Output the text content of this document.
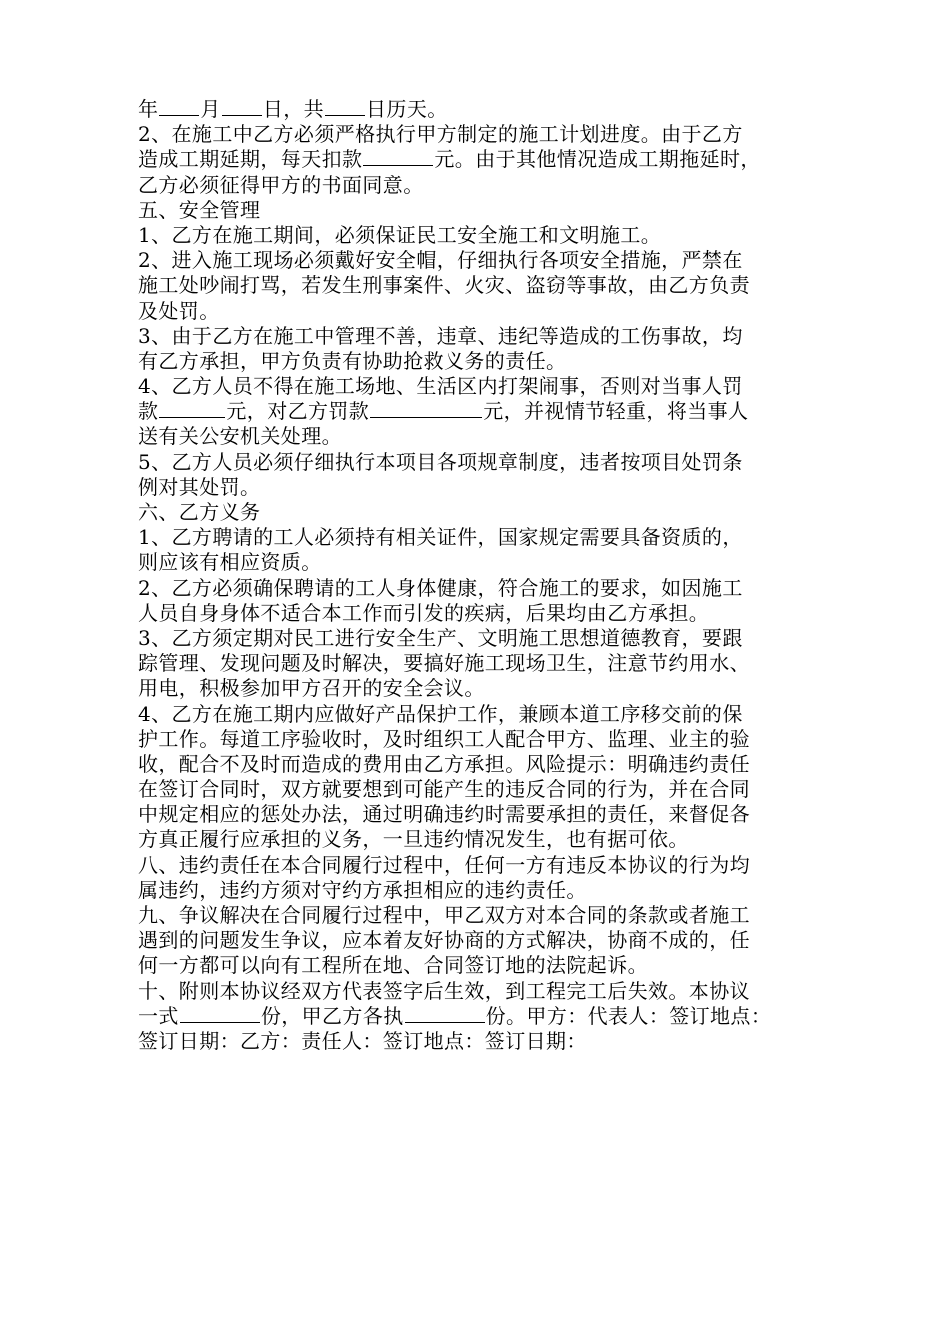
年 月 日，共 日历天。
2、在施工中乙方必须严格执行甲方制定的施工计划进度。由于乙方
造成工期延期，每天扣款	元。由于其他情况造成工期拖延时，
乙方必须征得甲方的书面同意。
五、安全管理
1、乙方在施工期间，必须保证民工安全施工和文明施工。
2、进入施工现场必须戴好安全帽，仔细执行各项安全措施，严禁在
施工处吵闹打骂，若发生刑事案件、火灾、盗窃等事故，由乙方负责
及处罚。
3、由于乙方在施工中管理不善，违章、违纪等造成的工伤事故，均
有乙方承担，甲方负责有协助抢救义务的责任。
4、乙方人员不得在施工场地、生活区内打架闹事，否则对当事人罚
款	元，对乙方罚款	元，并视情节轻重，将当事人
送有关公安机关处理。
5、乙方人员必须仔细执行本项目各项规章制度，违者按项目处罚条
例对其处罚。
六、乙方义务
1、乙方聘请的工人必须持有相关证件，国家规定需要具备资质的，
则应该有相应资质。
2、乙方必须确保聘请的工人身体健康，符合施工的要求，如因施工
人员自身身体不适合本工作而引发的疾病，后果均由乙方承担。
3、乙方须定期对民工进行安全生产、文明施工思想道德教育，要跟
踪管理、发现问题及时解决，要搞好施工现场卫生，注意节约用水、
用电，积极参加甲方召开的安全会议。
4、乙方在施工期内应做好产品保护工作，兼顾本道工序移交前的保
护工作。每道工序验收时，及时组织工人配合甲方、监理、业主的验
收，配合不及时而造成的费用由乙方承担。风险提示：明确违约责任
在签订合同时，双方就要想到可能产生的违反合同的行为，并在合同
中规定相应的惩处办法，通过明确违约时需要承担的责任，来督促各
方真正履行应承担的义务，一旦违约情况发生，也有据可依。
八、违约责任在本合同履行过程中，任何一方有违反本协议的行为均
属违约，违约方须对守约方承担相应的违约责任。
九、争议解决在合同履行过程中，甲乙双方对本合同的条款或者施工
遇到的问题发生争议，应本着友好协商的方式解决，协商不成的，任
何一方都可以向有工程所在地、合同签订地的法院起诉。
十、附则本协议经双方代表签字后生效，到工程完工后失效。本协议
一式	份，甲乙方各执	份。甲方：代表人：签订地点：
签订日期：乙方：责任人：签订地点：签订日期：
